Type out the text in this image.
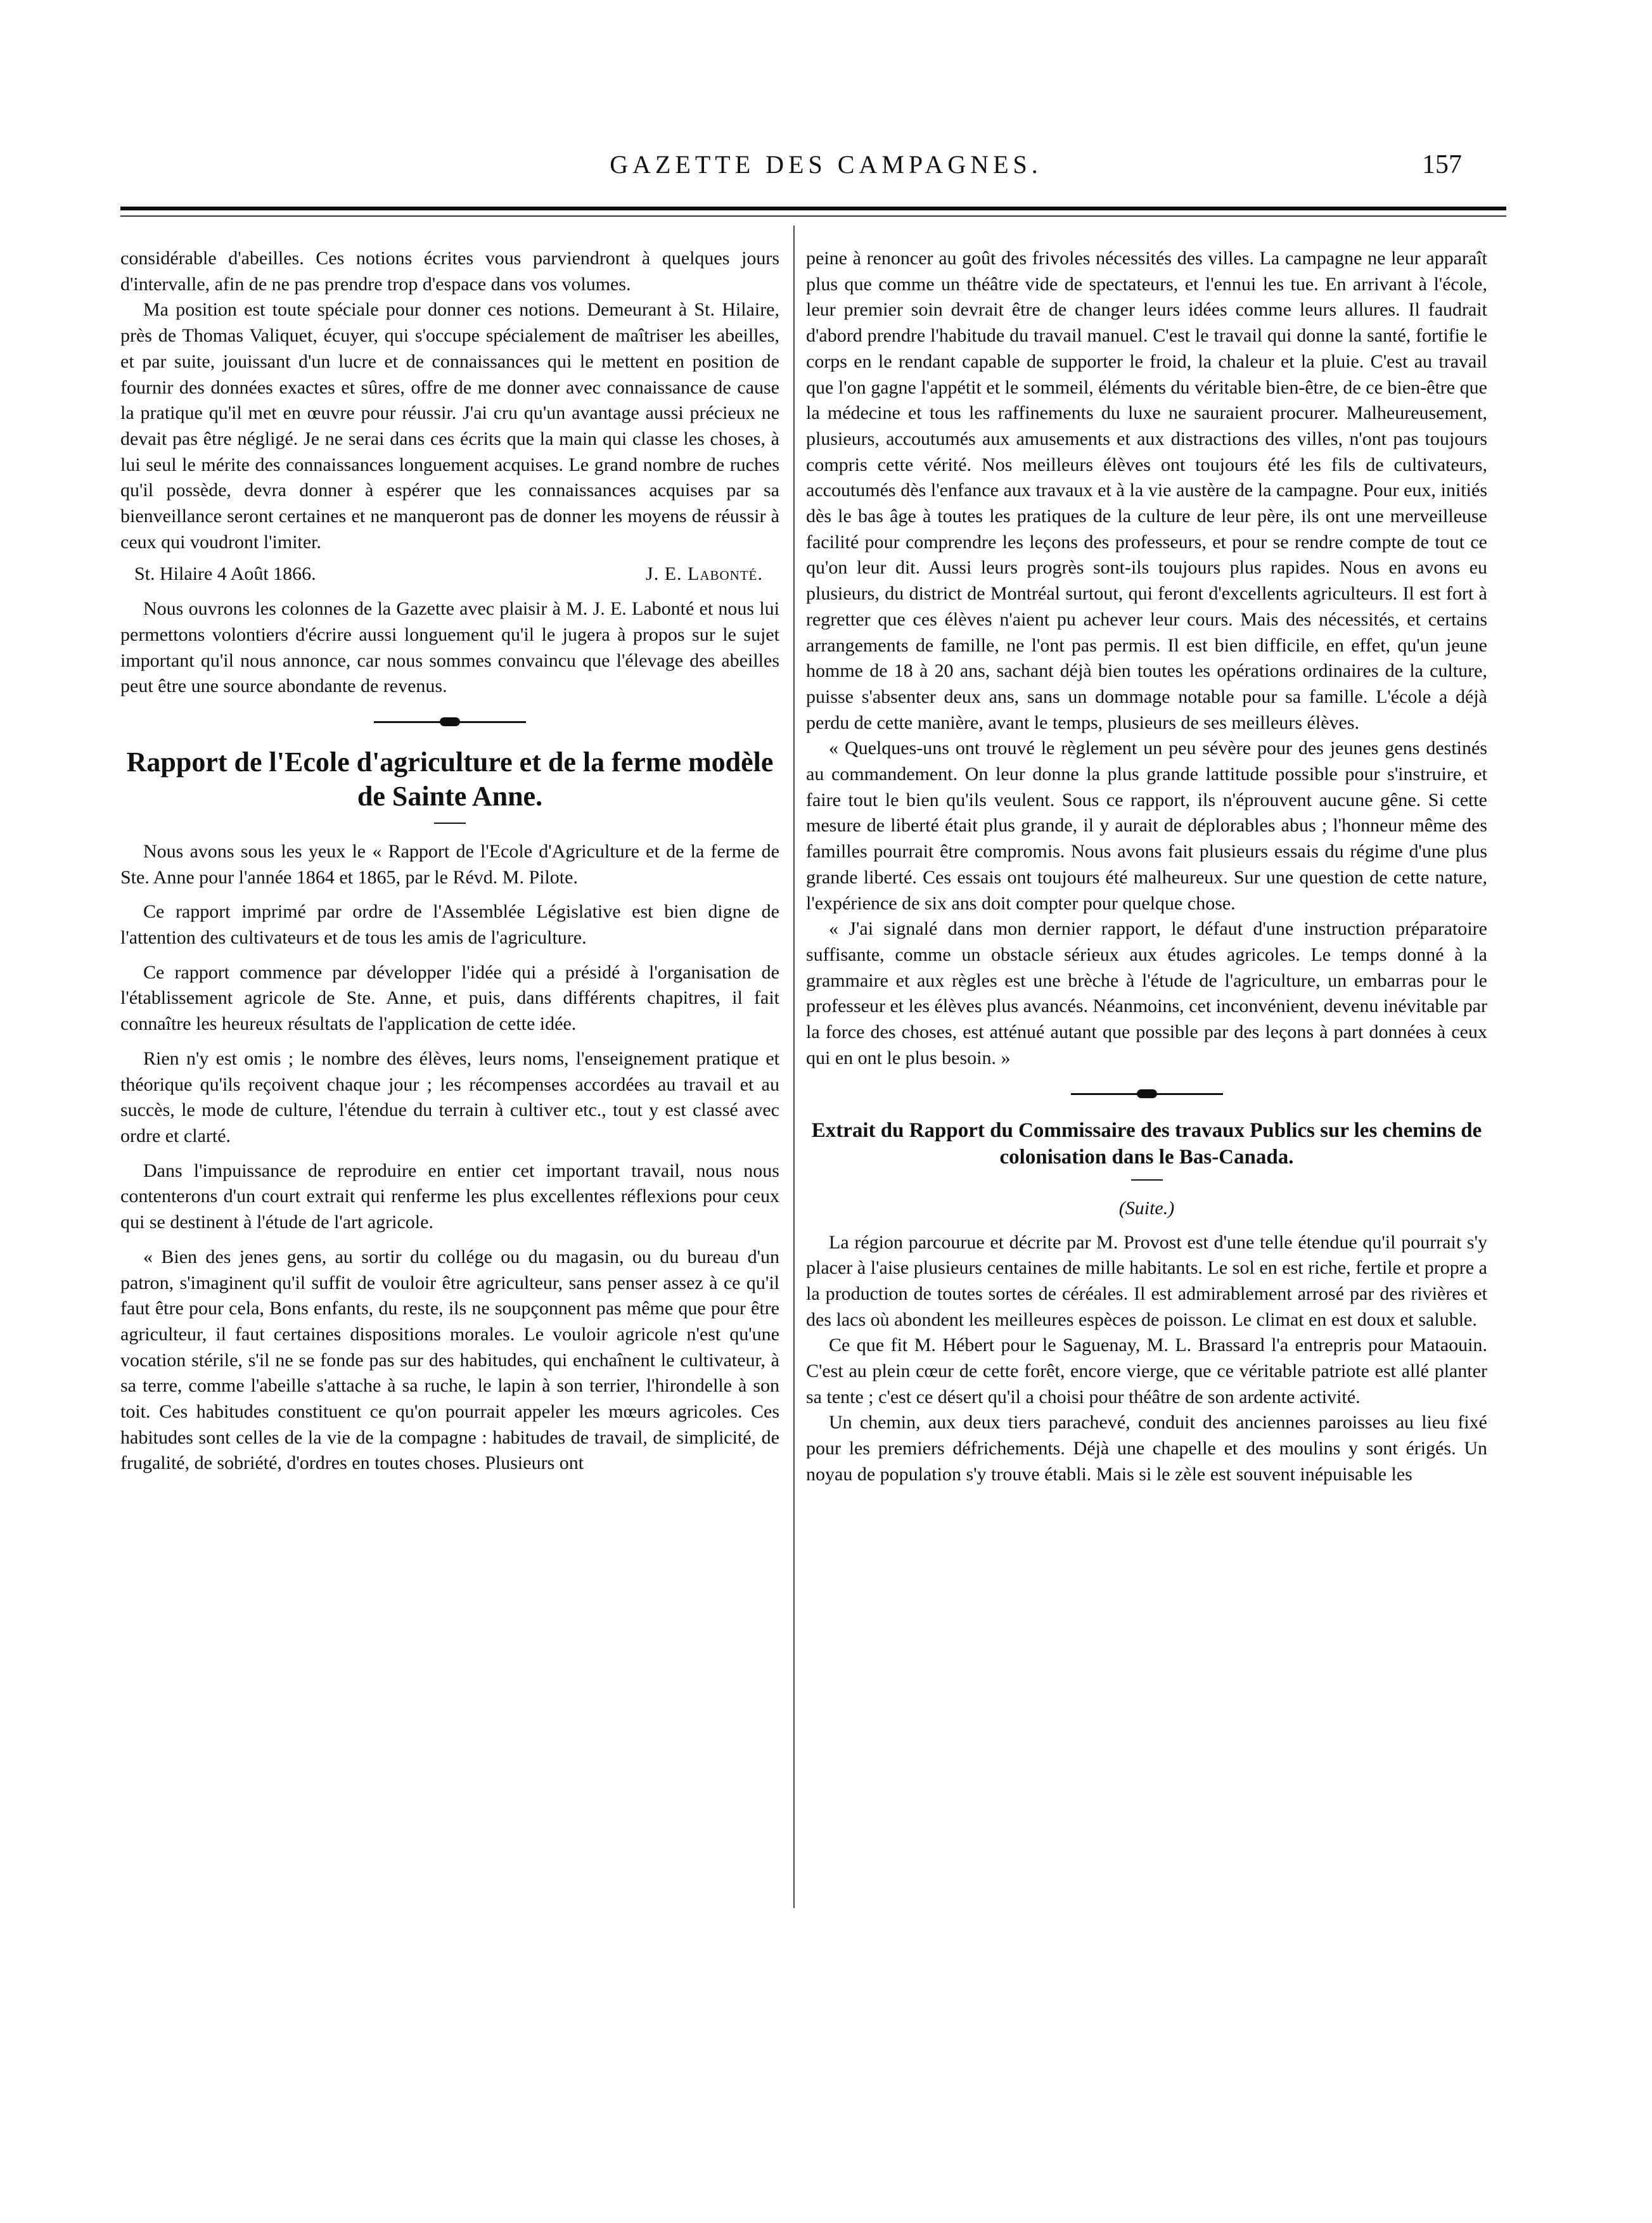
GAZETTE DES CAMPAGNES.	157

considérable d'abeilles. Ces notions écrites vous parviendront à quelques jours d'intervalle, afin de ne pas prendre trop d'espace dans vos volumes.

Ma position est toute spéciale pour donner ces notions. Demeurant à St. Hilaire, près de Thomas Valiquet, écuyer, qui s'occupe spécialement de maîtriser les abeilles, et par suite, jouissant d'un lucre et de connaissances qui le mettent en position de fournir des données exactes et sûres, offre de me donner avec connaissance de cause la pratique qu'il met en œuvre pour réussir. J'ai cru qu'un avantage aussi précieux ne devait pas être négligé. Je ne serai dans ces écrits que la main qui classe les choses, à lui seul le mérite des connaissances longuement acquises. Le grand nombre de ruches qu'il possède, devra donner à espérer que les connaissances acquises par sa bienveillance seront certaines et ne manqueront pas de donner les moyens de réussir à ceux qui voudront l'imiter.

St. Hilaire 4 Août 1866.	J. E. Labonté.

Nous ouvrons les colonnes de la Gazette avec plaisir à M. J. E. Labonté et nous lui permettons volontiers d'écrire aussi longuement qu'il le jugera à propos sur le sujet important qu'il nous annonce, car nous sommes convaincu que l'élevage des abeilles peut être une source abondante de revenus.

Rapport de l'Ecole d'agriculture et de la ferme modèle de Sainte Anne.

Nous avons sous les yeux le « Rapport de l'Ecole d'Agriculture et de la ferme de Ste. Anne pour l'année 1864 et 1865, par le Révd. M. Pilote.

Ce rapport imprimé par ordre de l'Assemblée Législative est bien digne de l'attention des cultivateurs et de tous les amis de l'agriculture.

Ce rapport commence par développer l'idée qui a présidé à l'organisation de l'établissement agricole de Ste. Anne, et puis, dans différents chapitres, il fait connaître les heureux résultats de l'application de cette idée.

Rien n'y est omis ; le nombre des élèves, leurs noms, l'enseignement pratique et théorique qu'ils reçoivent chaque jour ; les récompenses accordées au travail et au succès, le mode de culture, l'étendue du terrain à cultiver etc., tout y est classé avec ordre et clarté.

Dans l'impuissance de reproduire en entier cet important travail, nous nous contenterons d'un court extrait qui renferme les plus excellentes réflexions pour ceux qui se destinent à l'étude de l'art agricole.

« Bien des jenes gens, au sortir du collége ou du magasin, ou du bureau d'un patron, s'imaginent qu'il suffit de vouloir être agriculteur, sans penser assez à ce qu'il faut être pour cela, Bons enfants, du reste, ils ne soupçonnent pas même que pour être agriculteur, il faut certaines dispositions morales. Le vouloir agricole n'est qu'une vocation stérile, s'il ne se fonde pas sur des habitudes, qui enchaînent le cultivateur, à sa terre, comme l'abeille s'attache à sa ruche, le lapin à son terrier, l'hirondelle à son toit. Ces habitudes constituent ce qu'on pourrait appeler les mœurs agricoles. Ces habitudes sont celles de la vie de la compagne : habitudes de travail, de simplicité, de frugalité, de sobriété, d'ordres en toutes choses. Plusieurs ont

peine à renoncer au goût des frivoles nécessités des villes. La campagne ne leur apparaît plus que comme un théâtre vide de spectateurs, et l'ennui les tue. En arrivant à l'école, leur premier soin devrait être de changer leurs idées comme leurs allures. Il faudrait d'abord prendre l'habitude du travail manuel. C'est le travail qui donne la santé, fortifie le corps en le rendant capable de supporter le froid, la chaleur et la pluie. C'est au travail que l'on gagne l'appétit et le sommeil, éléments du véritable bien-être, de ce bien-être que la médecine et tous les raffinements du luxe ne sauraient procurer. Malheureusement, plusieurs, accoutumés aux amusements et aux distractions des villes, n'ont pas toujours compris cette vérité. Nos meilleurs élèves ont toujours été les fils de cultivateurs, accoutumés dès l'enfance aux travaux et à la vie austère de la campagne. Pour eux, initiés dès le bas âge à toutes les pratiques de la culture de leur père, ils ont une merveilleuse facilité pour comprendre les leçons des professeurs, et pour se rendre compte de tout ce qu'on leur dit. Aussi leurs progrès sont-ils toujours plus rapides. Nous en avons eu plusieurs, du district de Montréal surtout, qui feront d'excellents agriculteurs. Il est fort à regretter que ces élèves n'aient pu achever leur cours. Mais des nécessités, et certains arrangements de famille, ne l'ont pas permis. Il est bien difficile, en effet, qu'un jeune homme de 18 à 20 ans, sachant déjà bien toutes les opérations ordinaires de la culture, puisse s'absenter deux ans, sans un dommage notable pour sa famille. L'école a déjà perdu de cette manière, avant le temps, plusieurs de ses meilleurs élèves.

« Quelques-uns ont trouvé le règlement un peu sévère pour des jeunes gens destinés au commandement. On leur donne la plus grande lattitude possible pour s'instruire, et faire tout le bien qu'ils veulent. Sous ce rapport, ils n'éprouvent aucune gêne. Si cette mesure de liberté était plus grande, il y aurait de déplorables abus ; l'honneur même des familles pourrait être compromis. Nous avons fait plusieurs essais du régime d'une plus grande liberté. Ces essais ont toujours été malheureux. Sur une question de cette nature, l'expérience de six ans doit compter pour quelque chose.

« J'ai signalé dans mon dernier rapport, le défaut d'une instruction préparatoire suffisante, comme un obstacle sérieux aux études agricoles. Le temps donné à la grammaire et aux règles est une brèche à l'étude de l'agriculture, un embarras pour le professeur et les élèves plus avancés. Néanmoins, cet inconvénient, devenu inévitable par la force des choses, est atténué autant que possible par des leçons à part données à ceux qui en ont le plus besoin. »

Extrait du Rapport du Commissaire des travaux Publics sur les chemins de colonisation dans le Bas-Canada.
(Suite.)

La région parcourue et décrite par M. Provost est d'une telle étendue qu'il pourrait s'y placer à l'aise plusieurs centaines de mille habitants. Le sol en est riche, fertile et propre a la production de toutes sortes de céréales. Il est admirablement arrosé par des rivières et des lacs où abondent les meilleures espèces de poisson. Le climat en est doux et saluble.

Ce que fit M. Hébert pour le Saguenay, M. L. Brassard l'a entrepris pour Mataouin. C'est au plein cœur de cette forêt, encore vierge, que ce véritable patriote est allé planter sa tente ; c'est ce désert qu'il a choisi pour théâtre de son ardente activité.

Un chemin, aux deux tiers parachevé, conduit des anciennes paroisses au lieu fixé pour les premiers défrichements. Déjà une chapelle et des moulins y sont érigés. Un noyau de population s'y trouve établi. Mais si le zèle est souvent inépuisable les
